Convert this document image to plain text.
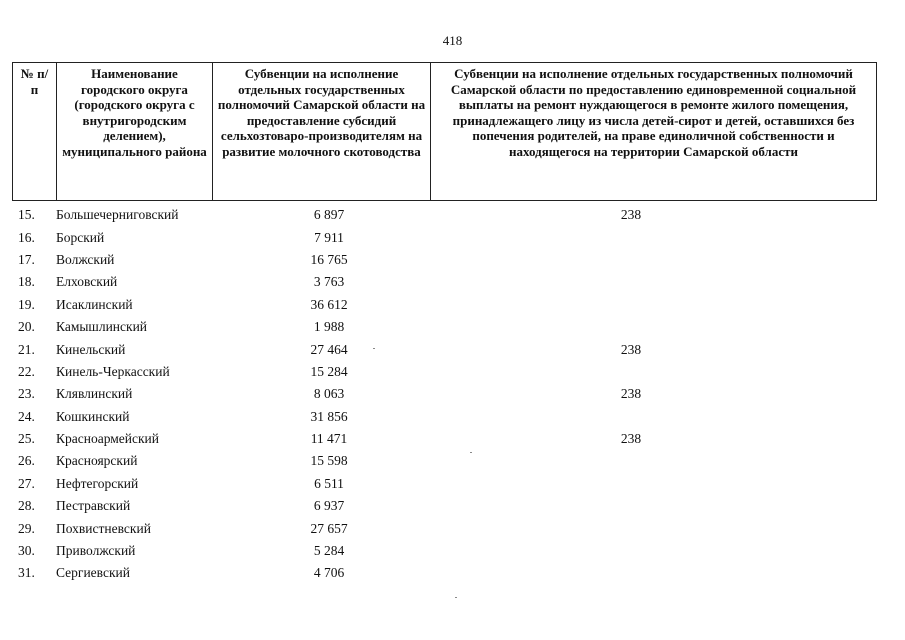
418
№ п/п	Наименование городского округа (городского округа с внутригородским делением), муниципального района	Субвенции на исполнение отдельных государственных полномочий Самарской области на предоставление субсидий сельхозтоваро-производителям на развитие молочного скотоводства	Субвенции на исполнение отдельных государственных полномочий Самарской области по предоставлению единовременной социальной выплаты на ремонт нуждающегося в ремонте жилого помещения, принадлежащего лицу из числа детей-сирот и детей, оставшихся без попечения родителей, на праве единоличной собственности и находящегося на территории Самарской области
15.	Большечерниговский	6 897	238
16.	Борский	7 911	
17.	Волжский	16 765	
18.	Елховский	3 763	
19.	Исаклинский	36 612	
20.	Камышлинский	1 988	
21.	Кинельский	27 464	238
22.	Кинель-Черкасский	15 284	
23.	Клявлинский	8 063	238
24.	Кошкинский	31 856	
25.	Красноармейский	11 471	238
26.	Красноярский	15 598	
27.	Нефтегорский	6 511	
28.	Пестравский	6 937	
29.	Похвистневский	27 657	
30.	Приволжский	5 284	
31.	Сергиевский	4 706	
